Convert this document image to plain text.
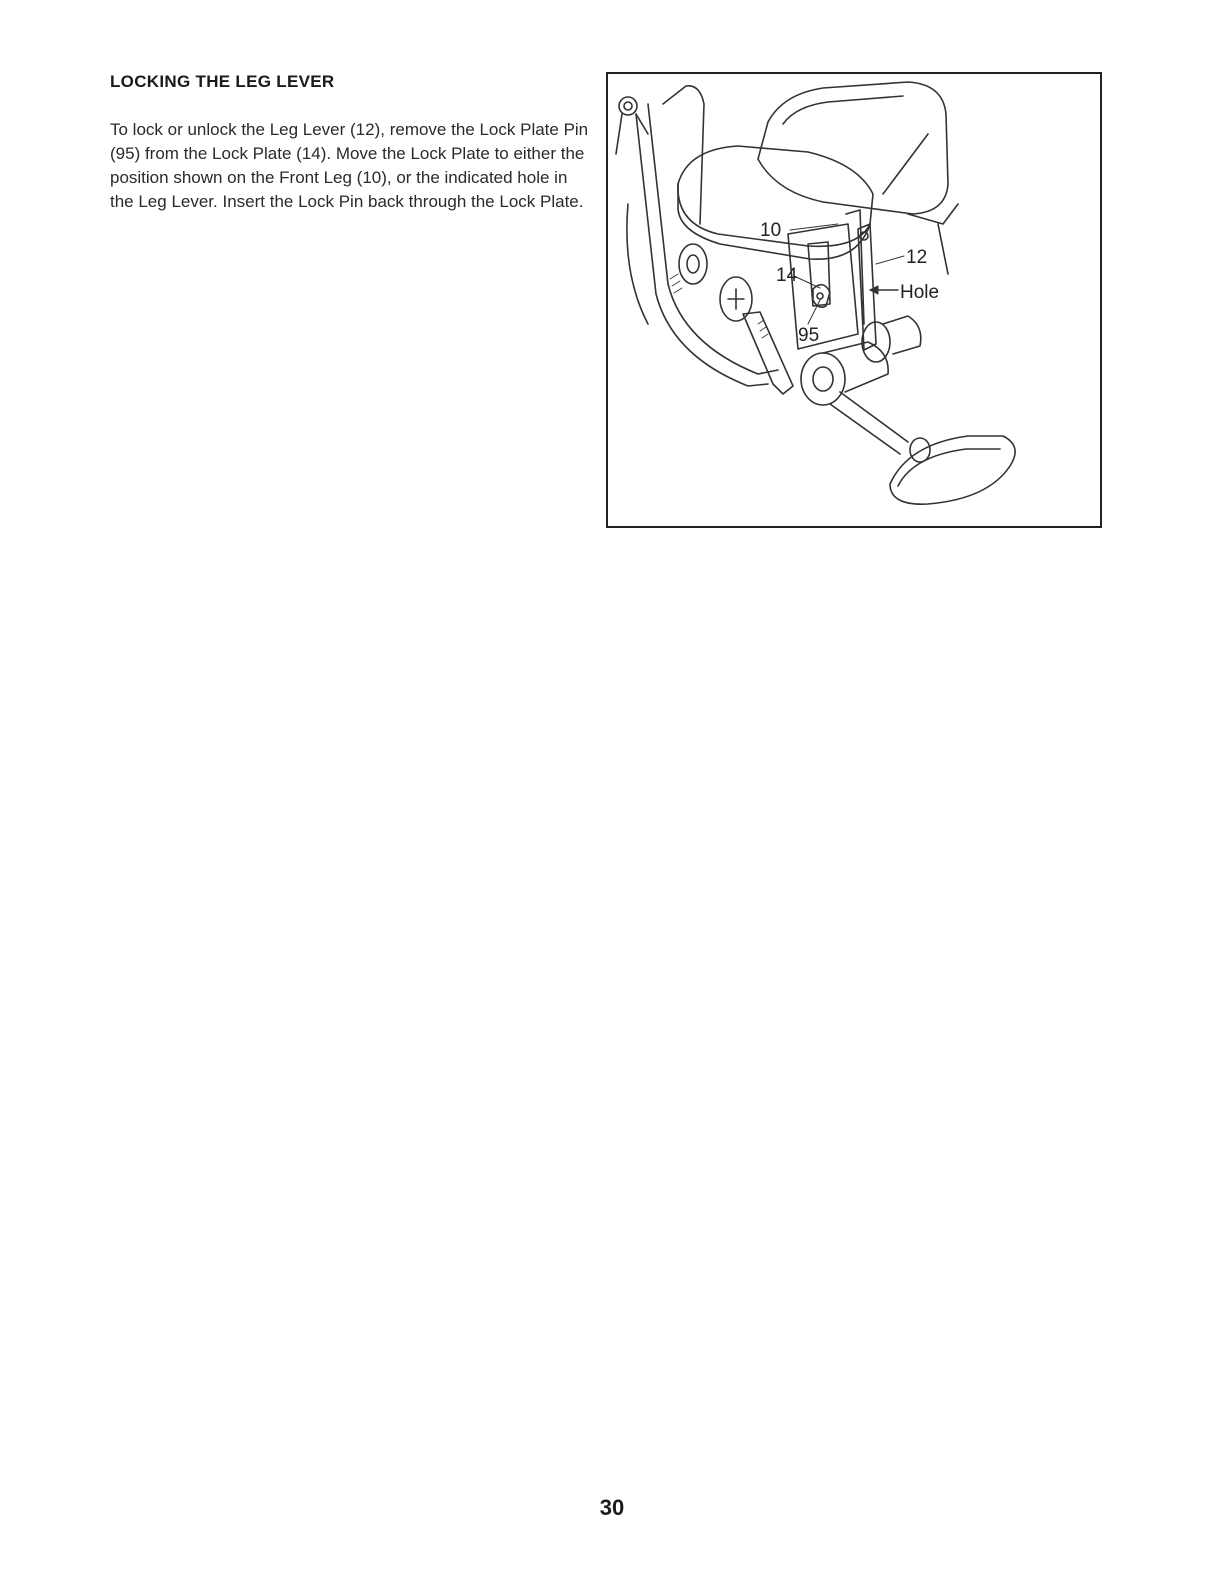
LOCKING THE LEG LEVER

To lock or unlock the Leg Lever (12), remove the Lock Plate Pin (95) from the Lock Plate (14). Move the Lock Plate to either the position shown on the Front Leg (10), or the indicated hole in the Leg Lever. Insert the Lock Pin back through the Lock Plate.

10
12
14
Hole
95
30
